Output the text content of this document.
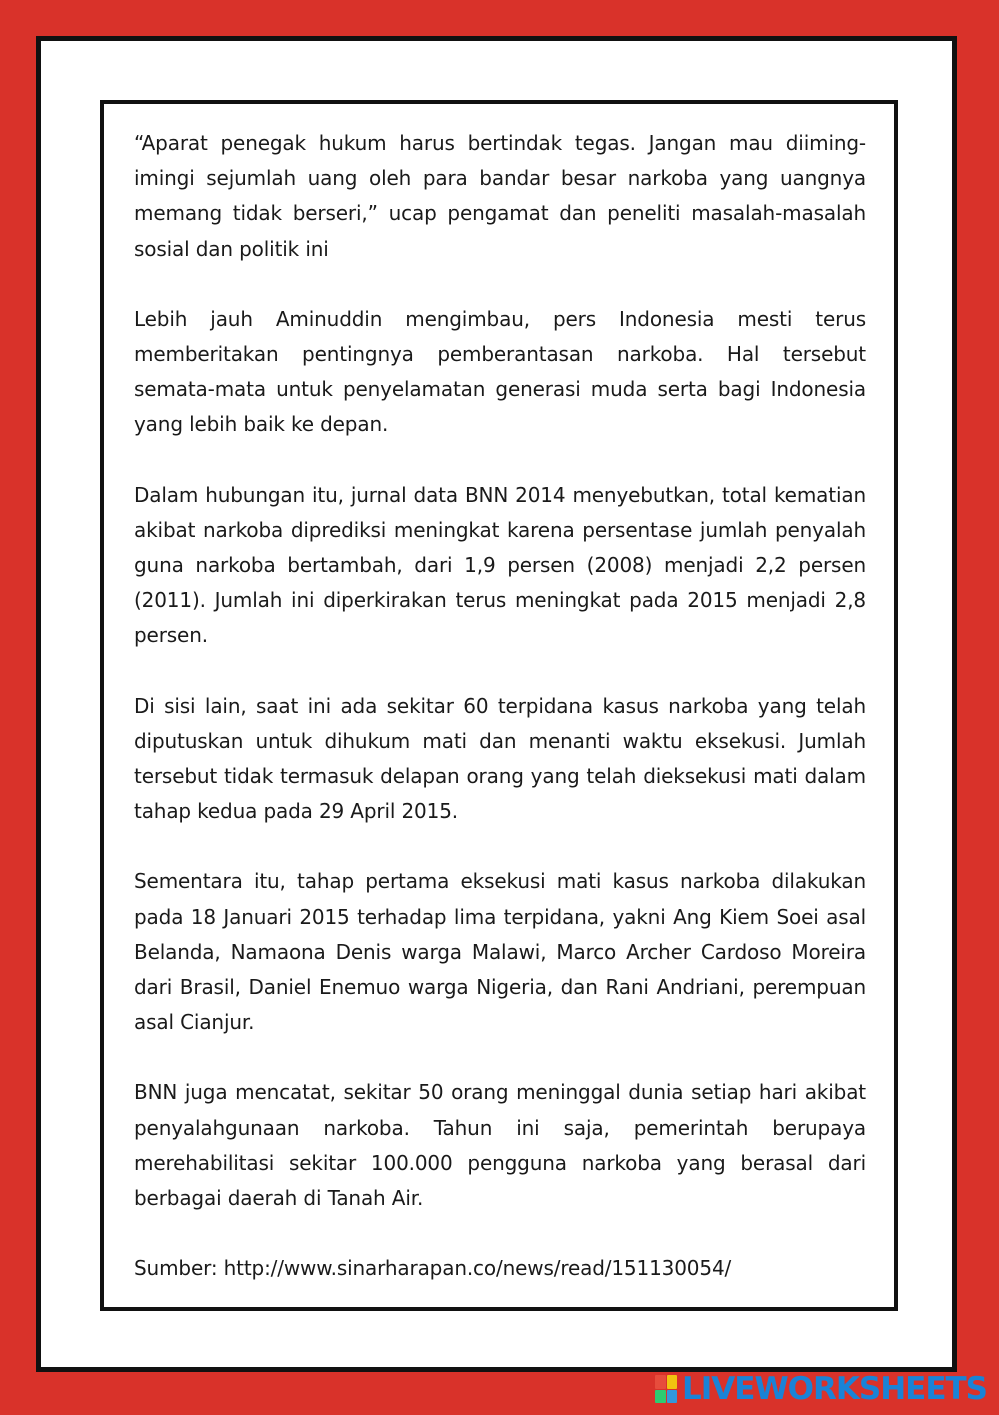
“Aparat penegak hukum harus bertindak tegas. Jangan mau diiming-imingi sejumlah uang oleh para bandar besar narkoba yang uangnya memang tidak berseri,” ucap pengamat dan peneliti masalah-masalah sosial dan politik ini

Lebih jauh Aminuddin mengimbau, pers Indonesia mesti terus memberitakan pentingnya pemberantasan narkoba. Hal tersebut semata-mata untuk penyelamatan generasi muda serta bagi Indonesia yang lebih baik ke depan.

Dalam hubungan itu, jurnal data BNN 2014 menyebutkan, total kematian akibat narkoba diprediksi meningkat karena persentase jumlah penyalah guna narkoba bertambah, dari 1,9 persen (2008) menjadi 2,2 persen (2011). Jumlah ini diperkirakan terus meningkat pada 2015 menjadi 2,8 persen.

Di sisi lain, saat ini ada sekitar 60 terpidana kasus narkoba yang telah diputuskan untuk dihukum mati dan menanti waktu eksekusi. Jumlah tersebut tidak termasuk delapan orang yang telah dieksekusi mati dalam tahap kedua pada 29 April 2015.

Sementara itu, tahap pertama eksekusi mati kasus narkoba dilakukan pada 18 Januari 2015 terhadap lima terpidana, yakni Ang Kiem Soei asal Belanda, Namaona Denis warga Malawi, Marco Archer Cardoso Moreira dari Brasil, Daniel Enemuo warga Nigeria, dan Rani Andriani, perempuan asal Cianjur.

BNN juga mencatat, sekitar 50 orang meninggal dunia setiap hari akibat penyalahgunaan narkoba. Tahun ini saja, pemerintah berupaya merehabilitasi sekitar 100.000 pengguna narkoba yang berasal dari berbagai daerah di Tanah Air.

Sumber: http://www.sinarharapan.co/news/read/151130054/

LIVEWORKSHEETS
